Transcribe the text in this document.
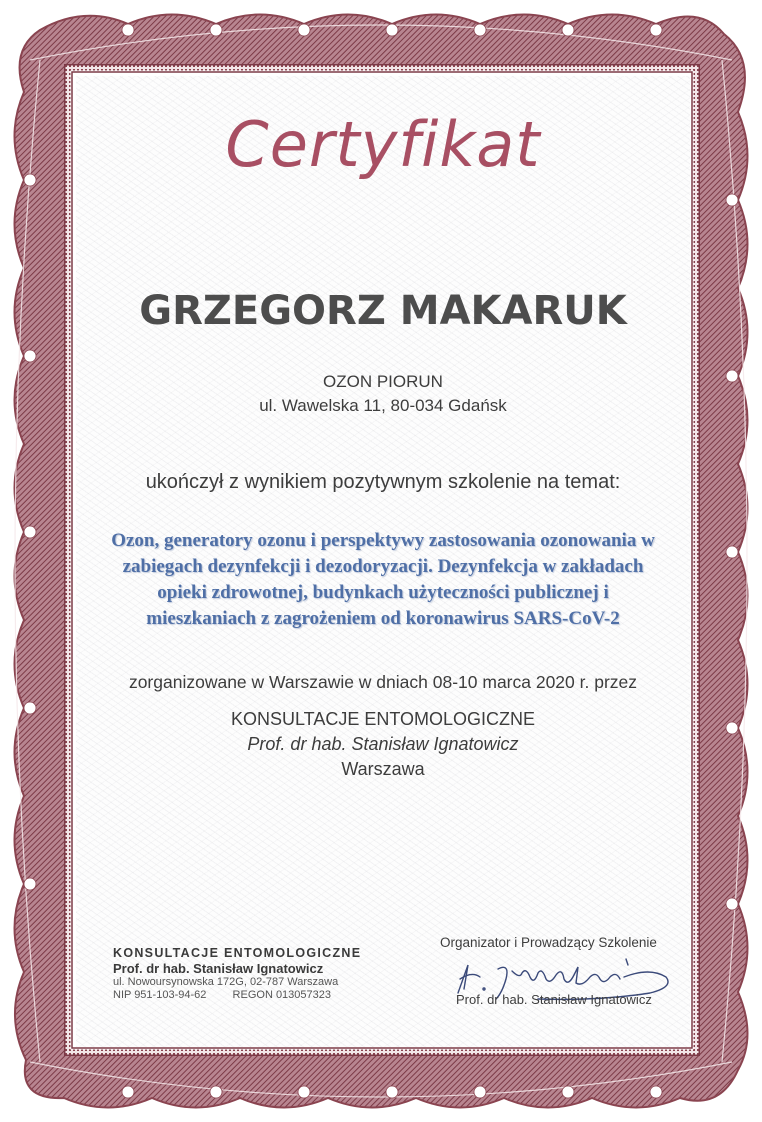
Certyfikat
GRZEGORZ MAKARUK
OZON PIORUN
ul. Wawelska 11, 80-034 Gdańsk
ukończył z wynikiem pozytywnym szkolenie na temat:
Ozon, generatory ozonu i perspektywy zastosowania ozonowania w
zabiegach dezynfekcji i dezodoryzacji. Dezynfekcja w zakładach
opieki zdrowotnej, budynkach użyteczności publicznej i
mieszkaniach z zagrożeniem od koronawirus SARS-CoV-2
zorganizowane w Warszawie w dniach 08-10 marca 2020 r. przez
KONSULTACJE ENTOMOLOGICZNE
Prof. dr hab. Stanisław Ignatowicz
Warszawa
KONSULTACJE ENTOMOLOGICZNE
Prof. dr hab. Stanisław Ignatowicz
ul. Nowoursynowska 172G, 02-787 Warszawa
NIP 951-103-94-62 REGON 013057323
Organizator i Prowadzący Szkolenie
Prof. dr hab. Stanisław Ignatowicz
